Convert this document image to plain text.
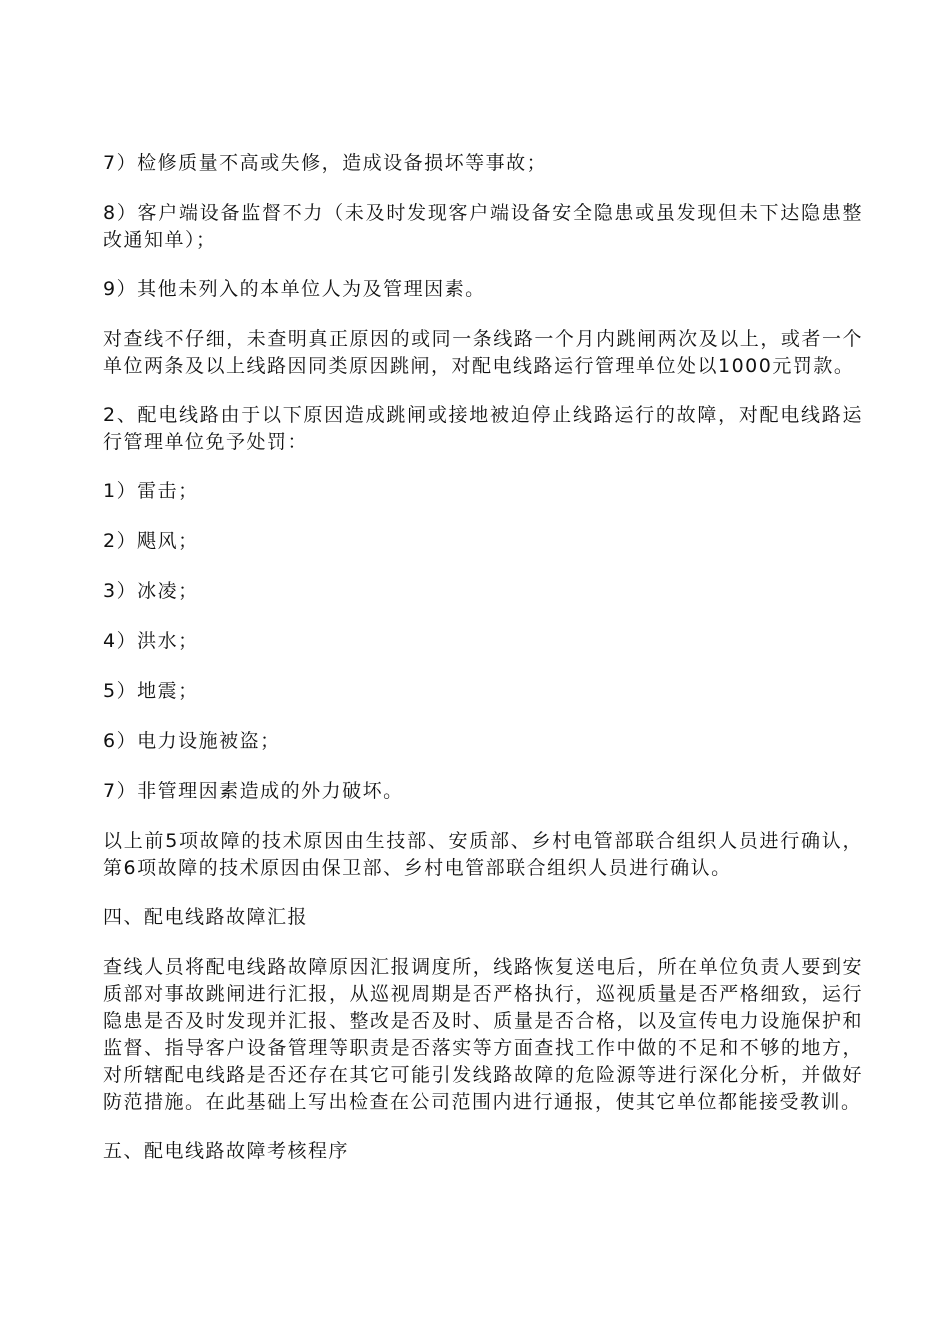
7）检修质量不高或失修，造成设备损坏等事故；

8）客户端设备监督不力（未及时发现客户端设备安全隐患或虽发现但未下达隐患整改通知单）；

9）其他未列入的本单位人为及管理因素。

对查线不仔细，未查明真正原因的或同一条线路一个月内跳闸两次及以上，或者一个单位两条及以上线路因同类原因跳闸，对配电线路运行管理单位处以1000元罚款。

2、配电线路由于以下原因造成跳闸或接地被迫停止线路运行的故障，对配电线路运行管理单位免予处罚：

1）雷击；

2）飓风；

3）冰凌；

4）洪水；

5）地震；

6）电力设施被盗；

7）非管理因素造成的外力破坏。

以上前5项故障的技术原因由生技部、安质部、乡村电管部联合组织人员进行确认，第6项故障的技术原因由保卫部、乡村电管部联合组织人员进行确认。

四、配电线路故障汇报

查线人员将配电线路故障原因汇报调度所，线路恢复送电后，所在单位负责人要到安质部对事故跳闸进行汇报，从巡视周期是否严格执行，巡视质量是否严格细致，运行隐患是否及时发现并汇报、整改是否及时、质量是否合格，以及宣传电力设施保护和监督、指导客户设备管理等职责是否落实等方面查找工作中做的不足和不够的地方，对所辖配电线路是否还存在其它可能引发线路故障的危险源等进行深化分析，并做好防范措施。在此基础上写出检查在公司范围内进行通报，使其它单位都能接受教训。

五、配电线路故障考核程序
